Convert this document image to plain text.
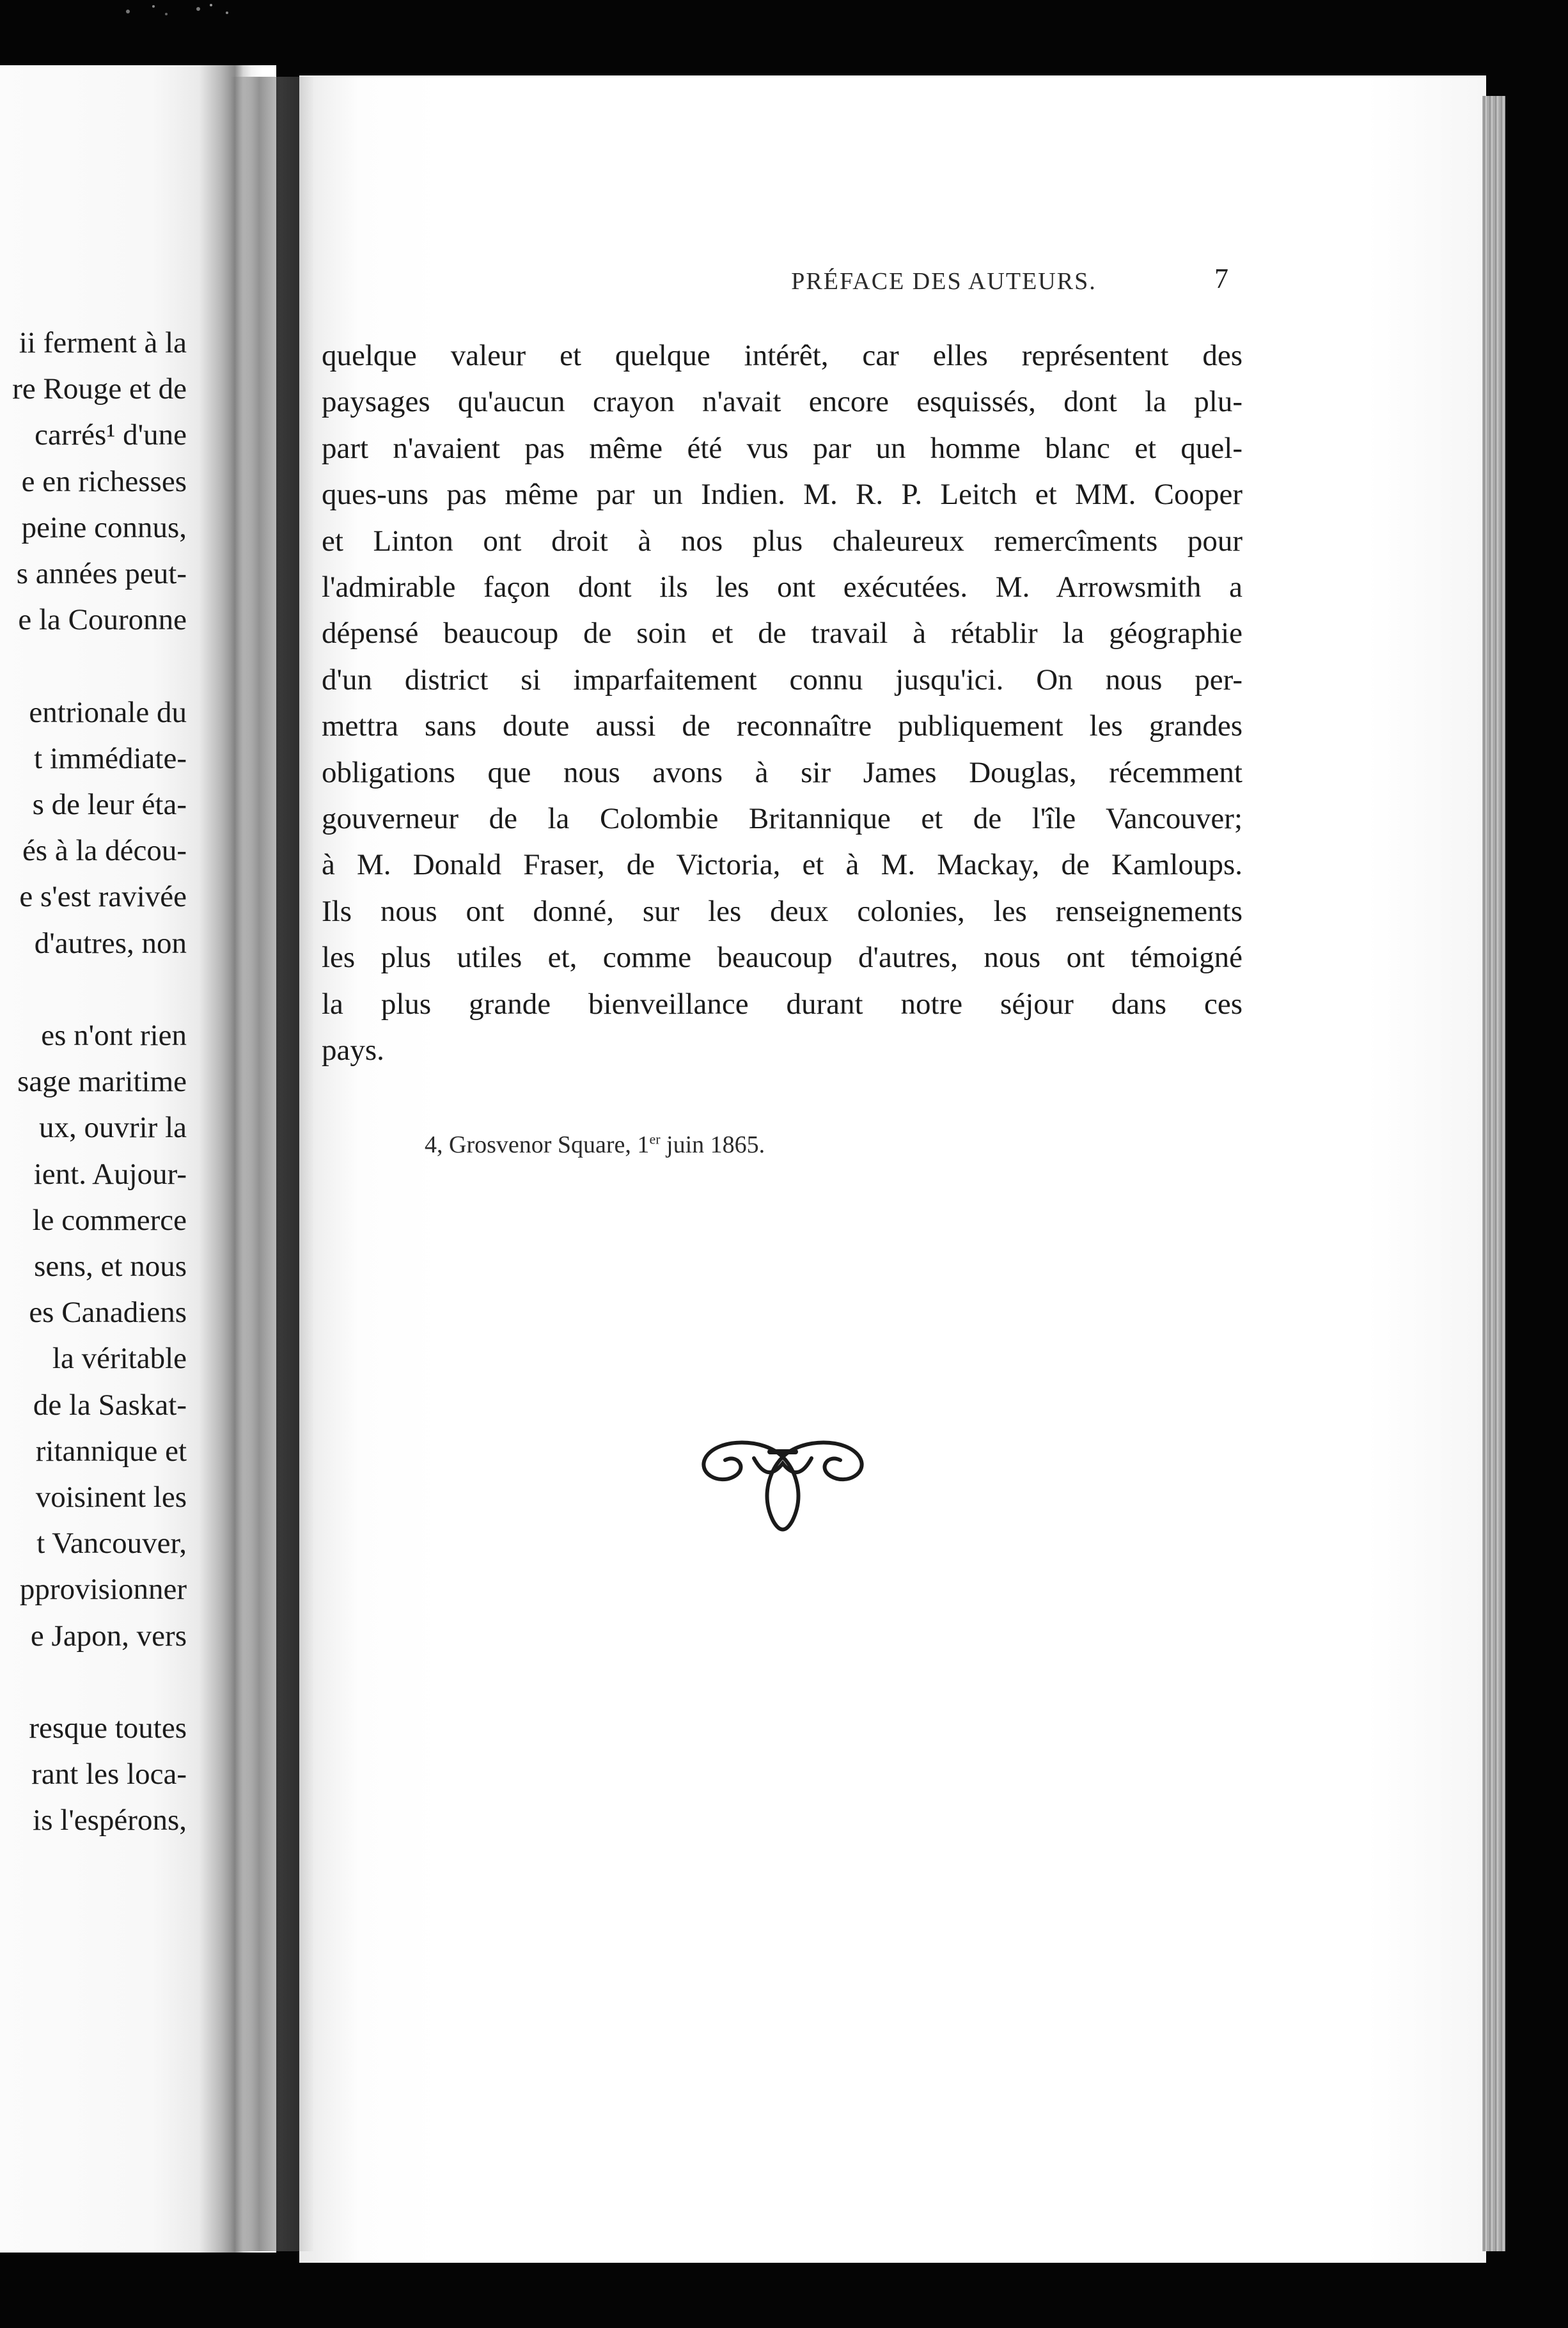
ii ferment à la
re Rouge et de
carrés¹ d'une
e en richesses
peine connus,
s années peut-
e la Couronne
entrionale du
t immédiate-
s de leur éta-
és à la décou-
e s'est ravivée
d'autres, non
es n'ont rien
sage maritime
ux, ouvrir la
ient. Aujour-
le commerce
sens, et nous
es Canadiens
la véritable
de la Saskat-
ritannique et
voisinent les
t Vancouver,
pprovisionner
e Japon, vers
resque toutes
rant les loca-
is l'espérons,
PRÉFACE DES AUTEURS.	7
quelque valeur et quelque intérêt, car elles représentent des
paysages qu'aucun crayon n'avait encore esquissés, dont la plu-
part n'avaient pas même été vus par un homme blanc et quel-
ques-uns pas même par un Indien. M. R. P. Leitch et MM. Cooper
et Linton ont droit à nos plus chaleureux remercîments pour
l'admirable façon dont ils les ont exécutées. M. Arrowsmith a
dépensé beaucoup de soin et de travail à rétablir la géographie
d'un district si imparfaitement connu jusqu'ici. On nous per-
mettra sans doute aussi de reconnaître publiquement les grandes
obligations que nous avons à sir James Douglas, récemment
gouverneur de la Colombie Britannique et de l'île Vancouver;
à M. Donald Fraser, de Victoria, et à M. Mackay, de Kamloups.
Ils nous ont donné, sur les deux colonies, les renseignements
les plus utiles et, comme beaucoup d'autres, nous ont témoigné
la plus grande bienveillance durant notre séjour dans ces
pays.
4, Grosvenor Square, 1er juin 1865.
